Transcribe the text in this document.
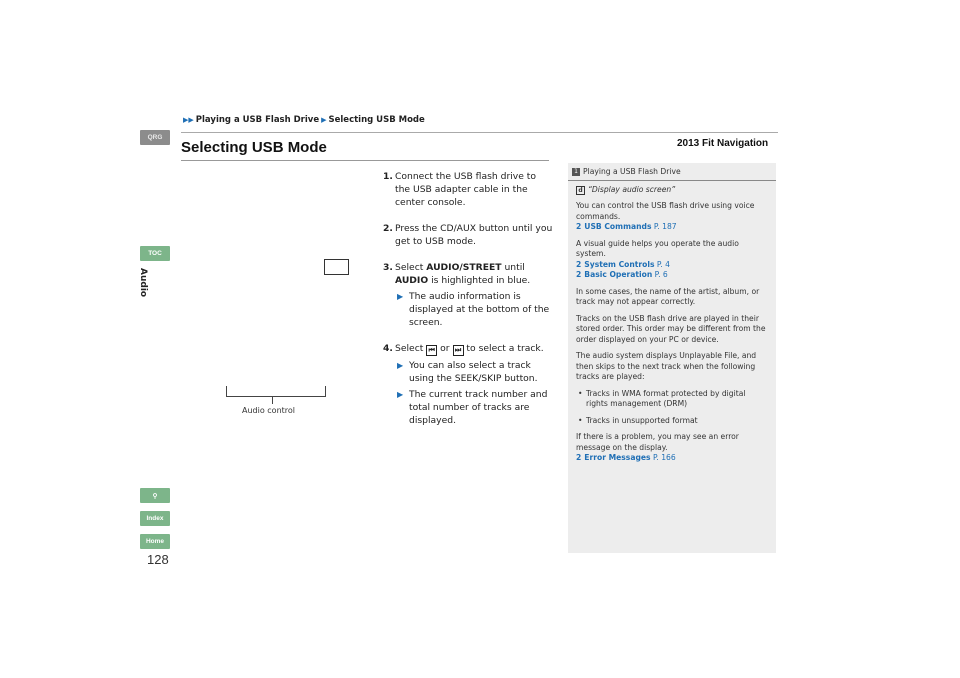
▶▶ Playing a USB Flash Drive ▶ Selecting USB Mode
2013 Fit Navigation
QRG
TOC
Audio
⚲
Index
Home
128
Selecting USB Mode
Audio control
1. Connect the USB flash drive to the USB adapter cable in the center console.
2. Press the CD/AUX button until you get to USB mode.
3. Select AUDIO/STREET until AUDIO is highlighted in blue.
▶ The audio information is displayed at the bottom of the screen.
4. Select ⏮ or ⏭ to select a track.
▶ You can also select a track using the SEEK/SKIP button.
▶ The current track number and total number of tracks are displayed.
1 Playing a USB Flash Drive

d “Display audio screen”

You can control the USB flash drive using voice commands.
2 USB Commands P. 187

A visual guide helps you operate the audio system.
2 System Controls P. 4
2 Basic Operation P. 6

In some cases, the name of the artist, album, or track may not appear correctly.

Tracks on the USB flash drive are played in their stored order. This order may be different from the order displayed on your PC or device.

The audio system displays Unplayable File, and then skips to the next track when the following tracks are played:

• Tracks in WMA format protected by digital rights management (DRM)
• Tracks in unsupported format

If there is a problem, you may see an error message on the display.
2 Error Messages P. 166
